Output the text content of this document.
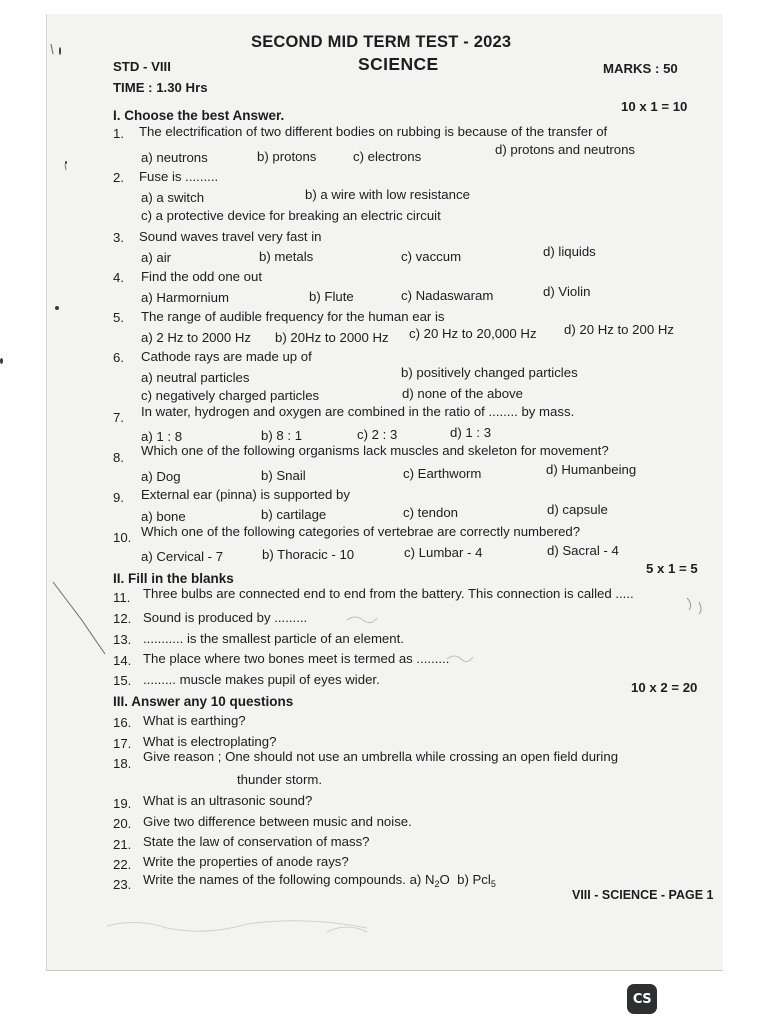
SECOND MID TERM TEST - 2023
STD - VIII	SCIENCE	MARKS : 50
TIME : 1.30 Hrs
I. Choose the best Answer.
10 x 1 = 10
1. The electrification of two different bodies on rubbing is because of the transfer of
a) neutrons	b) protons	c) electrons	d) protons and neutrons
2. Fuse is .........
a) a switch	b) a wire with low resistance
c) a protective device for breaking an electric circuit
3. Sound waves travel very fast in
a) air	b) metals	c) vaccum	d) liquids
4. Find the odd one out
a) Harmornium	b) Flute	c) Nadaswaram	d) Violin
5. The range of audible frequency for the human ear is
a) 2 Hz to 2000 Hz b) 20Hz to 2000 Hz c) 20 Hz to 20,000 Hz d) 20 Hz to 200 Hz
6. Cathode rays are made up of
a) neutral particles	b) positively changed particles
c) negatively charged particles	d) none of the above
7. In water, hydrogen and oxygen are combined in the ratio of ........ by mass.
a) 1 : 8	b) 8 : 1	c) 2 : 3	d) 1 : 3
8. Which one of the following organisms lack muscles and skeleton for movement?
a) Dog	b) Snail	c) Earthworm	d) Humanbeing
9. External ear (pinna) is supported by
a) bone	b) cartilage	c) tendon	d) capsule
10. Which one of the following categories of vertebrae are correctly numbered?
a) Cervical - 7	b) Thoracic - 10	c) Lumbar - 4	d) Sacral - 4
II. Fill in the blanks
5 x 1 = 5
11. Three bulbs are connected end to end from the battery. This connection is called .....
12. Sound is produced by .........
13. ........... is the smallest particle of an element.
14. The place where two bones meet is termed as .........
15. ......... muscle makes pupil of eyes wider.
III. Answer any 10 questions
10 x 2 = 20
16. What is earthing?
17. What is electroplating?
18. Give reason ; One should not use an umbrella while crossing an open field during
thunder storm.
19. What is an ultrasonic sound?
20. Give two difference between music and noise.
21. State the law of conservation of mass?
22. Write the properties of anode rays?
23. Write the names of the following compounds. a) $N_2O$ b) Pcl$_5$
VIII - SCIENCE - PAGE 1
CS
